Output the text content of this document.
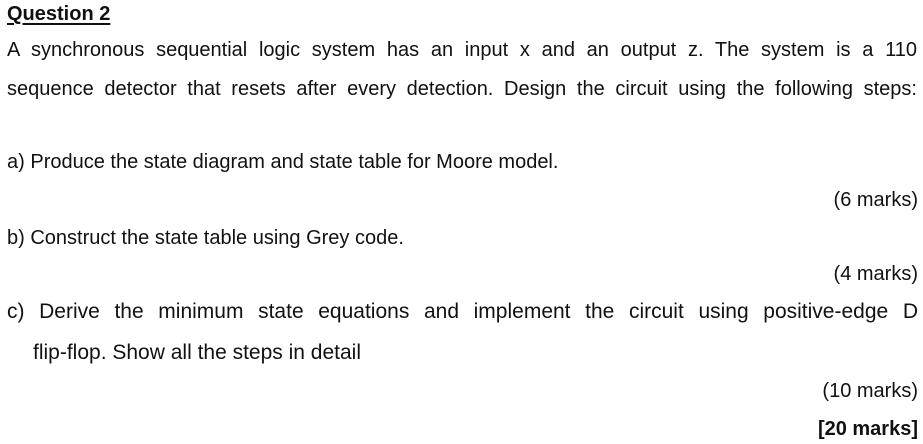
Question 2
A synchronous sequential logic system has an input x and an output z. The system is a 110
sequence detector that resets after every detection. Design the circuit using the following steps:
a) Produce the state diagram and state table for Moore model.
(6 marks)
b) Construct the state table using Grey code.
(4 marks)
c) Derive the minimum state equations and implement the circuit using positive-edge D
flip-flop. Show all the steps in detail
(10 marks)
[20 marks]
